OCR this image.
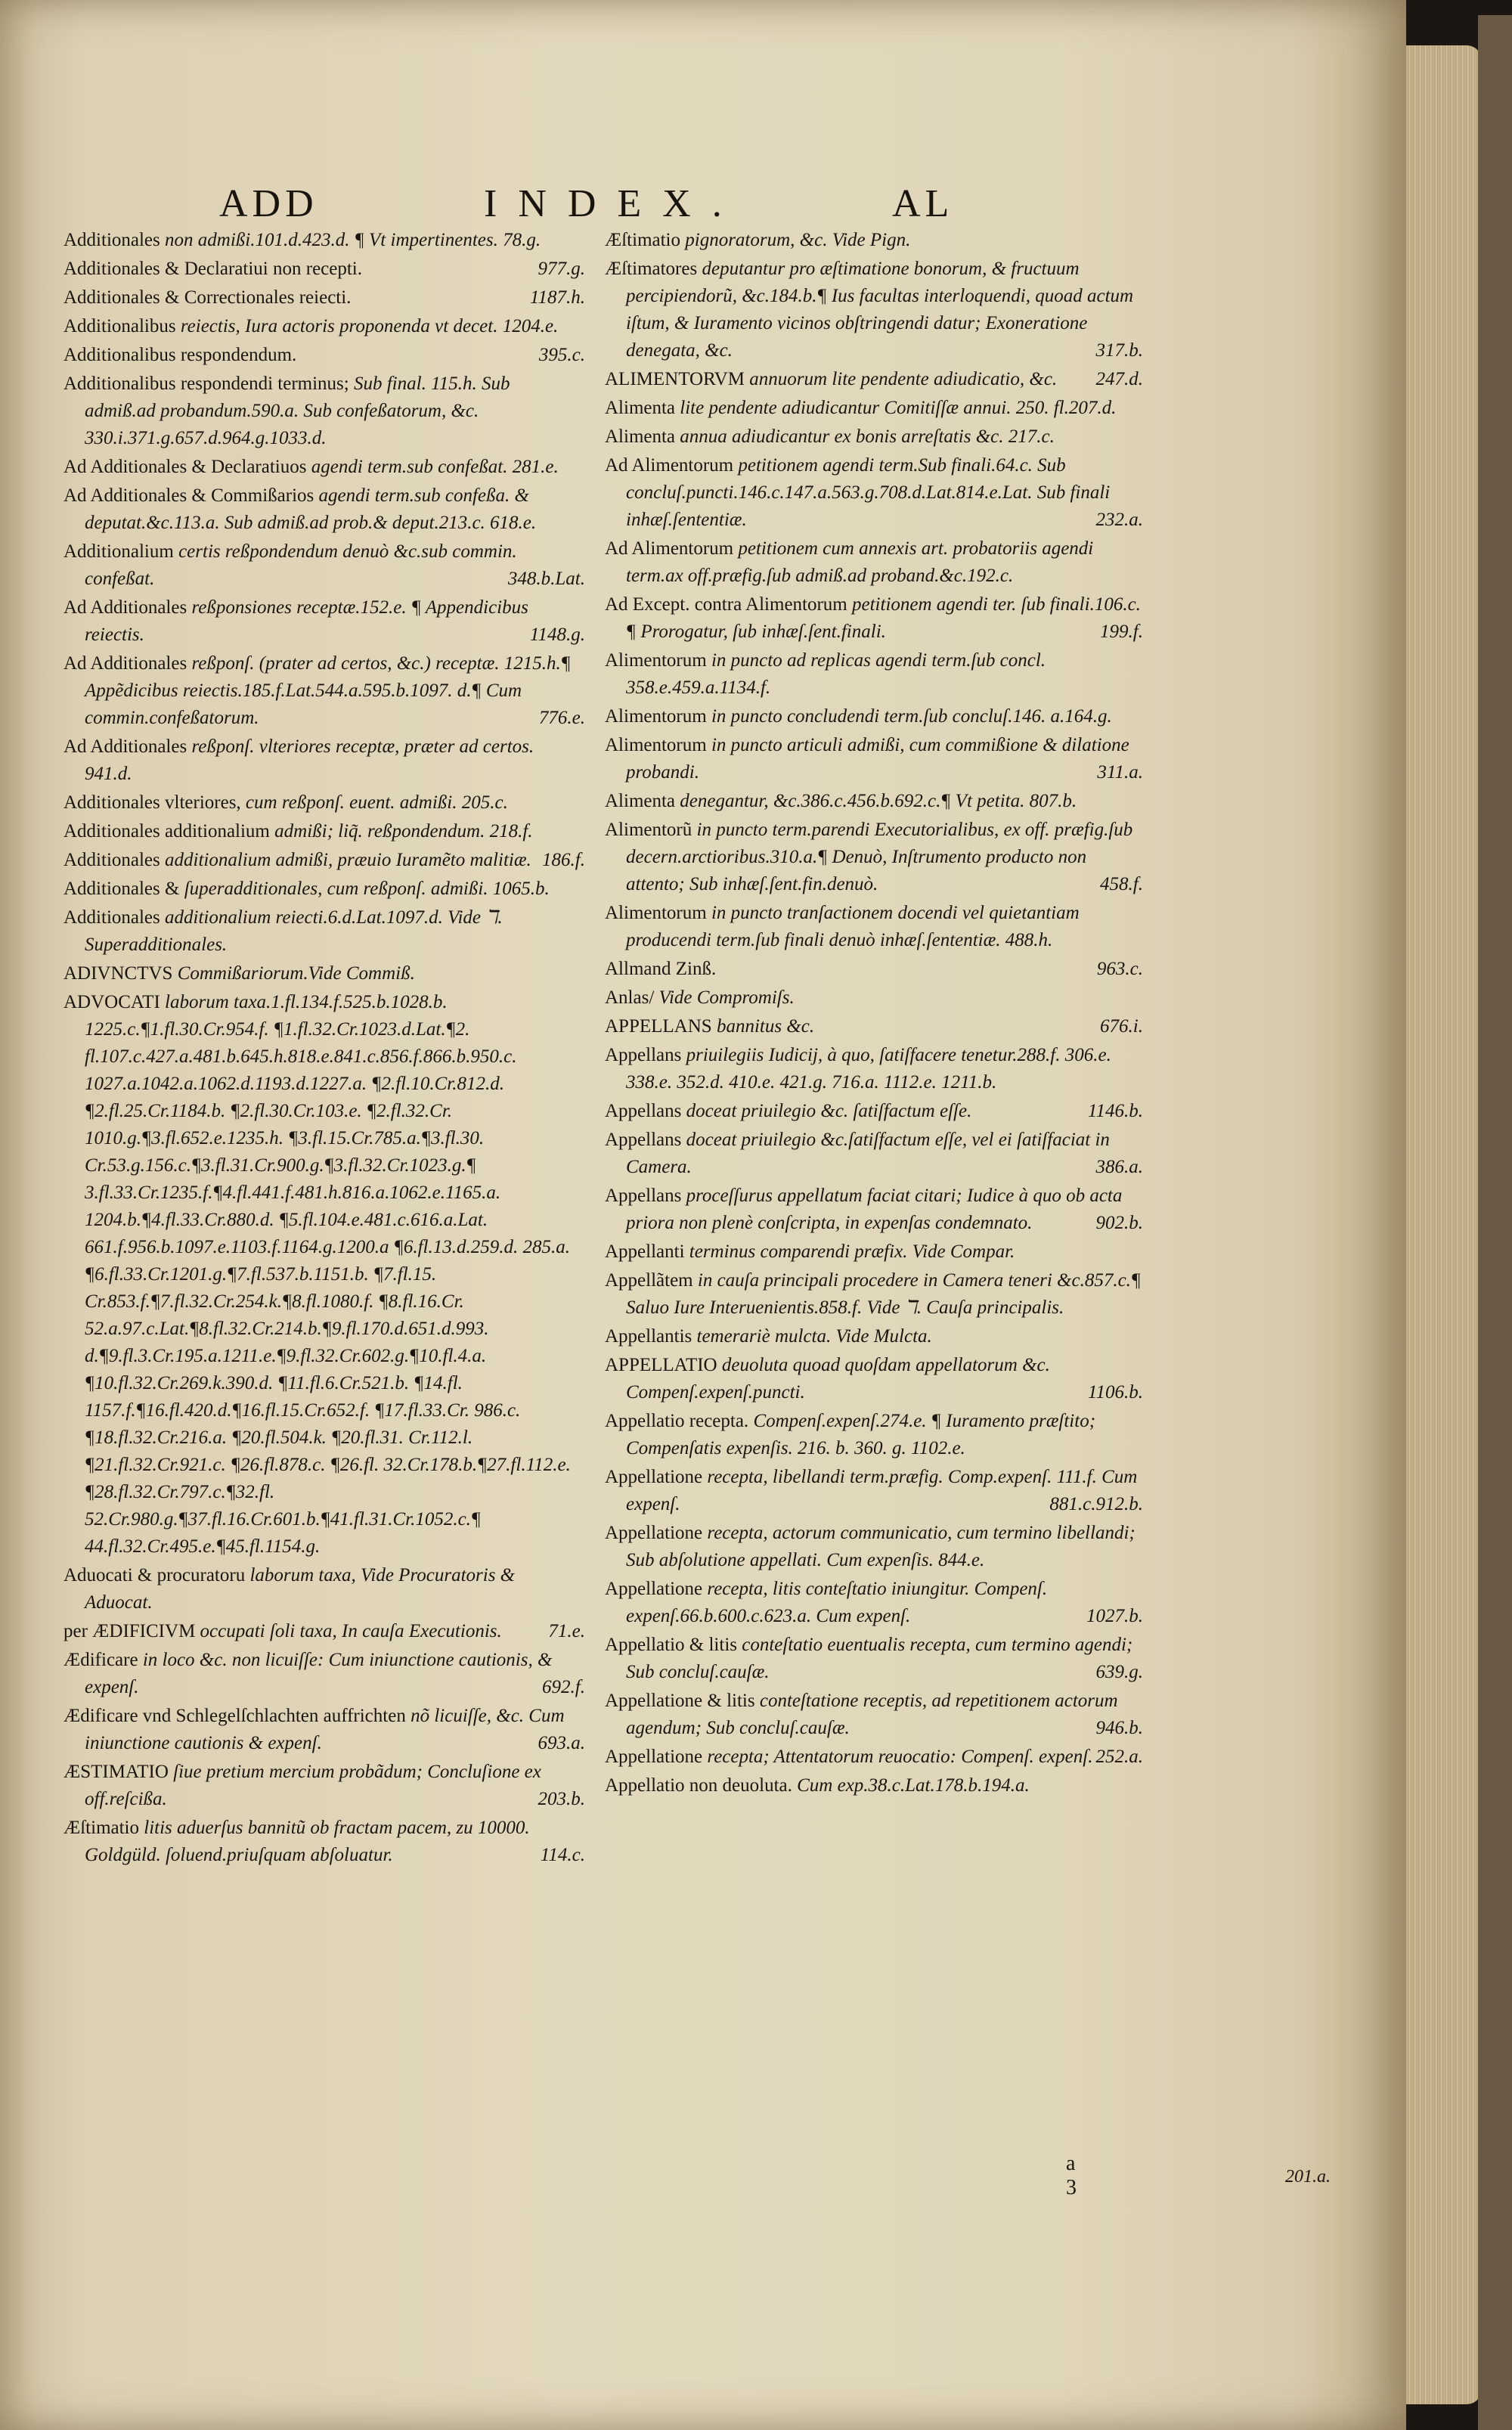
ADD	INDEX.	AL
Additionales non admißi.101.d.423.d. ¶ Vt impertinentes. 78.g.
Additionales & Declaratiui non recepti.	977.g.
Additionales & Correctionales reiecti.	1187.h.
Additionalibus reiectis, Iura actoris proponenda vt decet. 1204.e.
Additionalibus respondendum.	395.c.
Additionalibus respondendi terminus; Sub final. 115.h. Sub admiß.ad probandum.590.a. Sub confeßatorum, &c. 330.i.371.g.657.d.964.g.1033.d.
Ad Additionales & Declaratiuos agendi term.sub confeßat. 281.e.
Ad Additionales & Commißarios agendi term.sub confeßa. & deputat.&c.113.a. Sub admiß.ad prob.& deput.213.c. 618.e.
Additionalium certis reßpondendum denuò &c.sub commin. confeßat.	348.b.Lat.
Ad Additionales reßponsiones receptæ.152.e. ¶ Appendicibus reiectis.	1148.g.
Ad Additionales reßponſ. (prater ad certos, &c.) receptæ. 1215.h.¶ Appẽdicibus reiectis.185.f.Lat.544.a.595.b.1097. d.¶ Cum commin.confeßatorum.	776.e.
Ad Additionales reßponſ. vlteriores receptæ, præter ad certos. 941.d.
Additionales vlteriores, cum reßponſ. euent. admißi. 205.c.
Additionales additionalium admißi; liq̃. reßpondendum. 218.f.
Additionales additionalium admißi, præuio Iuramẽto malitiæ. 186.f.
Additionales & ſuperadditionales, cum reßponſ. admißi. 1065.b.
Additionales additionalium reiecti.6.d.Lat.1097.d. Vide ℸ. Superadditionales.
ADIVNCTVS Commißariorum.Vide Commiß.
ADVOCATI laborum taxa.1.fl.134.f.525.b.1028.b. 1225.c.¶1.fl.30.Cr.954.f. ¶1.fl.32.Cr.1023.d.Lat.¶2. fl.107.c.427.a.481.b.645.h.818.e.841.c.856.f.866.b.950.c. 1027.a.1042.a.1062.d.1193.d.1227.a. ¶2.fl.10.Cr.812.d. ¶2.fl.25.Cr.1184.b. ¶2.fl.30.Cr.103.e. ¶2.fl.32.Cr. 1010.g.¶3.fl.652.e.1235.h. ¶3.fl.15.Cr.785.a.¶3.fl.30. Cr.53.g.156.c.¶3.fl.31.Cr.900.g.¶3.fl.32.Cr.1023.g.¶ 3.fl.33.Cr.1235.f.¶4.fl.441.f.481.h.816.a.1062.e.1165.a. 1204.b.¶4.fl.33.Cr.880.d. ¶5.fl.104.e.481.c.616.a.Lat. 661.f.956.b.1097.e.1103.f.1164.g.1200.a ¶6.fl.13.d.259.d. 285.a. ¶6.fl.33.Cr.1201.g.¶7.fl.537.b.1151.b. ¶7.fl.15. Cr.853.f.¶7.fl.32.Cr.254.k.¶8.fl.1080.f. ¶8.fl.16.Cr. 52.a.97.c.Lat.¶8.fl.32.Cr.214.b.¶9.fl.170.d.651.d.993. d.¶9.fl.3.Cr.195.a.1211.e.¶9.fl.32.Cr.602.g.¶10.fl.4.a. ¶10.fl.32.Cr.269.k.390.d. ¶11.fl.6.Cr.521.b. ¶14.fl. 1157.f.¶16.fl.420.d.¶16.fl.15.Cr.652.f. ¶17.fl.33.Cr. 986.c. ¶18.fl.32.Cr.216.a. ¶20.fl.504.k. ¶20.fl.31. Cr.112.l. ¶21.fl.32.Cr.921.c. ¶26.fl.878.c. ¶26.fl. 32.Cr.178.b.¶27.fl.112.e. ¶28.fl.32.Cr.797.c.¶32.fl. 52.Cr.980.g.¶37.fl.16.Cr.601.b.¶41.fl.31.Cr.1052.c.¶ 44.fl.32.Cr.495.e.¶45.fl.1154.g.
Aduocati & procuratoru laborum taxa, Vide Procuratoris & Aduocat.
per ÆDIFICIVM occupati ſoli taxa, In cauſa Executionis. 71.e.
Ædificare in loco &c. non licuiſſe: Cum iniunctione cautionis, & expenſ.	692.f.
Ædificare vnd Schlegelſchlachten auffrichten nõ licuiſſe, &c. Cum iniunctione cautionis & expenſ.	693.a.
ÆSTIMATIO ſiue pretium mercium probãdum; Concluſione ex off.reſcißa.	203.b.
Æſtimatio litis aduerſus bannitũ ob fractam pacem, zu 10000. Goldgüld. ſoluend.priuſquam abſoluatur.	114.c.
Æſtimatio pignoratorum, &c. Vide Pign.
Æſtimatores deputantur pro æſtimatione bonorum, & fructuum percipiendorũ, &c.184.b.¶ Ius facultas interloquendi, quoad actum iſtum, & Iuramento vicinos obſtringendi datur; Exoneratione denegata, &c.	317.b.
ALIMENTORVM annuorum lite pendente adiudicatio, &c. 247.d.
Alimenta lite pendente adiudicantur Comitiſſæ annui. 250. fl.207.d.
Alimenta annua adiudicantur ex bonis arreſtatis &c. 217.c.
Ad Alimentorum petitionem agendi term.Sub finali.64.c. Sub concluſ.puncti.146.c.147.a.563.g.708.d.Lat.814.e.Lat. Sub finali inhæſ.ſententiæ.	232.a.
Ad Alimentorum petitionem cum annexis art. probatoriis agendi term.ax off.præfig.ſub admiß.ad proband.&c.192.c.
Ad Except. contra Alimentorum petitionem agendi ter. ſub finali.106.c. ¶ Prorogatur, ſub inhæſ.ſent.finali.	199.f.
Alimentorum in puncto ad replicas agendi term.ſub concl. 358.e.459.a.1134.f.
Alimentorum in puncto concludendi term.ſub concluſ.146. a.164.g.
Alimentorum in puncto articuli admißi, cum commißione & dilatione probandi.	311.a.
Alimenta denegantur, &c.386.c.456.b.692.c.¶ Vt petita. 807.b.
Alimentorũ in puncto term.parendi Executorialibus, ex off. præfig.ſub decern.arctioribus.310.a.¶ Denuò, Inſtrumento producto non attento; Sub inhæſ.ſent.fin.denuò.	458.f.
Alimentorum in puncto tranſactionem docendi vel quietantiam producendi term.ſub finali denuò inhæſ.ſententiæ. 488.h.
Allmand Zinß.	963.c.
Anlas/ Vide Compromiſs.
APPELLANS bannitus &c.	676.i.
Appellans priuilegiis Iudicij, à quo, ſatiſfacere tenetur.288.f. 306.e. 338.e. 352.d. 410.e. 421.g. 716.a. 1112.e. 1211.b.
Appellans doceat priuilegio &c. ſatiſfactum eſſe.	1146.b.
Appellans doceat priuilegio &c.ſatiſfactum eſſe, vel ei ſatiſfaciat in Camera.	386.a.
Appellans proceſſurus appellatum faciat citari; Iudice à quo ob acta priora non plenè conſcripta, in expenſas condemnato.	902.b.
Appellanti terminus comparendi præfix. Vide Compar.
Appellãtem in cauſa principali procedere in Camera teneri &c.857.c.¶ Saluo Iure Interuenientis.858.f. Vide ℸ. Cauſa principalis.
Appellantis temerariè mulcta. Vide Mulcta.
APPELLATIO deuoluta quoad quoſdam appellatorum &c. Compenſ.expenſ.puncti.	1106.b.
Appellatio recepta. Compenſ.expenſ.274.e. ¶ Iuramento præſtito; Compenſatis expenſis. 216. b. 360. g. 1102.e.
Appellatione recepta, libellandi term.præfig. Comp.expenſ. 111.f. Cum expenſ.	881.c.912.b.
Appellatione recepta, actorum communicatio, cum termino libellandi; Sub abſolutione appellati. Cum expenſis. 844.e.
Appellatione recepta, litis conteſtatio iniungitur. Compenſ. expenſ.66.b.600.c.623.a. Cum expenſ.	1027.b.
Appellatio & litis conteſtatio euentualis recepta, cum termino agendi; Sub concluſ.cauſæ.	639.g.
Appellatione & litis conteſtatione receptis, ad repetitionem actorum agendum; Sub concluſ.cauſæ.	946.b.
Appellatione recepta; Attentatorum reuocatio: Compenſ. expenſ. 252.a.
Appellatio non deuoluta. Cum exp.38.c.Lat.178.b.194.a.
a 3	201.a.
